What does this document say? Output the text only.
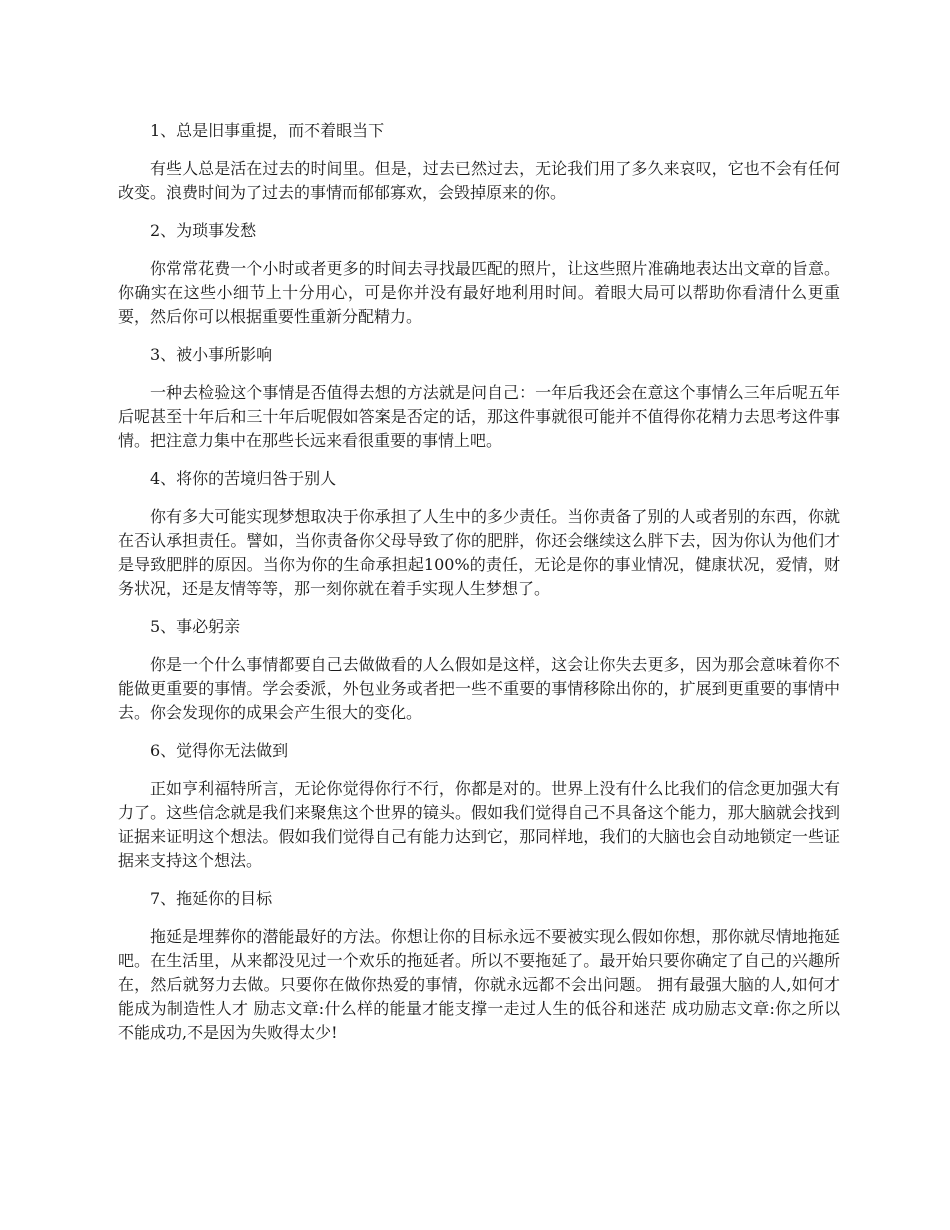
1、总是旧事重提，而不着眼当下

有些人总是活在过去的时间里。但是，过去已然过去，无论我们用了多久来哀叹，它也不会有任何改变。浪费时间为了过去的事情而郁郁寡欢，会毁掉原来的你。

2、为琐事发愁

你常常花费一个小时或者更多的时间去寻找最匹配的照片，让这些照片准确地表达出文章的旨意。你确实在这些小细节上十分用心，可是你并没有最好地利用时间。着眼大局可以帮助你看清什么更重要，然后你可以根据重要性重新分配精力。

3、被小事所影响

一种去检验这个事情是否值得去想的方法就是问自己：一年后我还会在意这个事情么三年后呢五年后呢甚至十年后和三十年后呢假如答案是否定的话，那这件事就很可能并不值得你花精力去思考这件事情。把注意力集中在那些长远来看很重要的事情上吧。

4、将你的苦境归咎于别人

你有多大可能实现梦想取决于你承担了人生中的多少责任。当你责备了别的人或者别的东西，你就在否认承担责任。譬如，当你责备你父母导致了你的肥胖，你还会继续这么胖下去，因为你认为他们才是导致肥胖的原因。当你为你的生命承担起100%的责任，无论是你的事业情况，健康状况，爱情，财务状况，还是友情等等，那一刻你就在着手实现人生梦想了。

5、事必躬亲

你是一个什么事情都要自己去做做看的人么假如是这样，这会让你失去更多，因为那会意味着你不能做更重要的事情。学会委派，外包业务或者把一些不重要的事情移除出你的，扩展到更重要的事情中去。你会发现你的成果会产生很大的变化。

6、觉得你无法做到

正如亨利福特所言，无论你觉得你行不行，你都是对的。世界上没有什么比我们的信念更加强大有力了。这些信念就是我们来聚焦这个世界的镜头。假如我们觉得自己不具备这个能力，那大脑就会找到证据来证明这个想法。假如我们觉得自己有能力达到它，那同样地，我们的大脑也会自动地锁定一些证据来支持这个想法。

7、拖延你的目标

拖延是埋葬你的潜能最好的方法。你想让你的目标永远不要被实现么假如你想，那你就尽情地拖延吧。在生活里，从来都没见过一个欢乐的拖延者。所以不要拖延了。最开始只要你确定了自己的兴趣所在，然后就努力去做。只要你在做你热爱的事情，你就永远都不会出问题。 拥有最强大脑的人,如何才能成为制造性人才 励志文章:什么样的能量才能支撑一走过人生的低谷和迷茫 成功励志文章:你之所以不能成功,不是因为失败得太少!
